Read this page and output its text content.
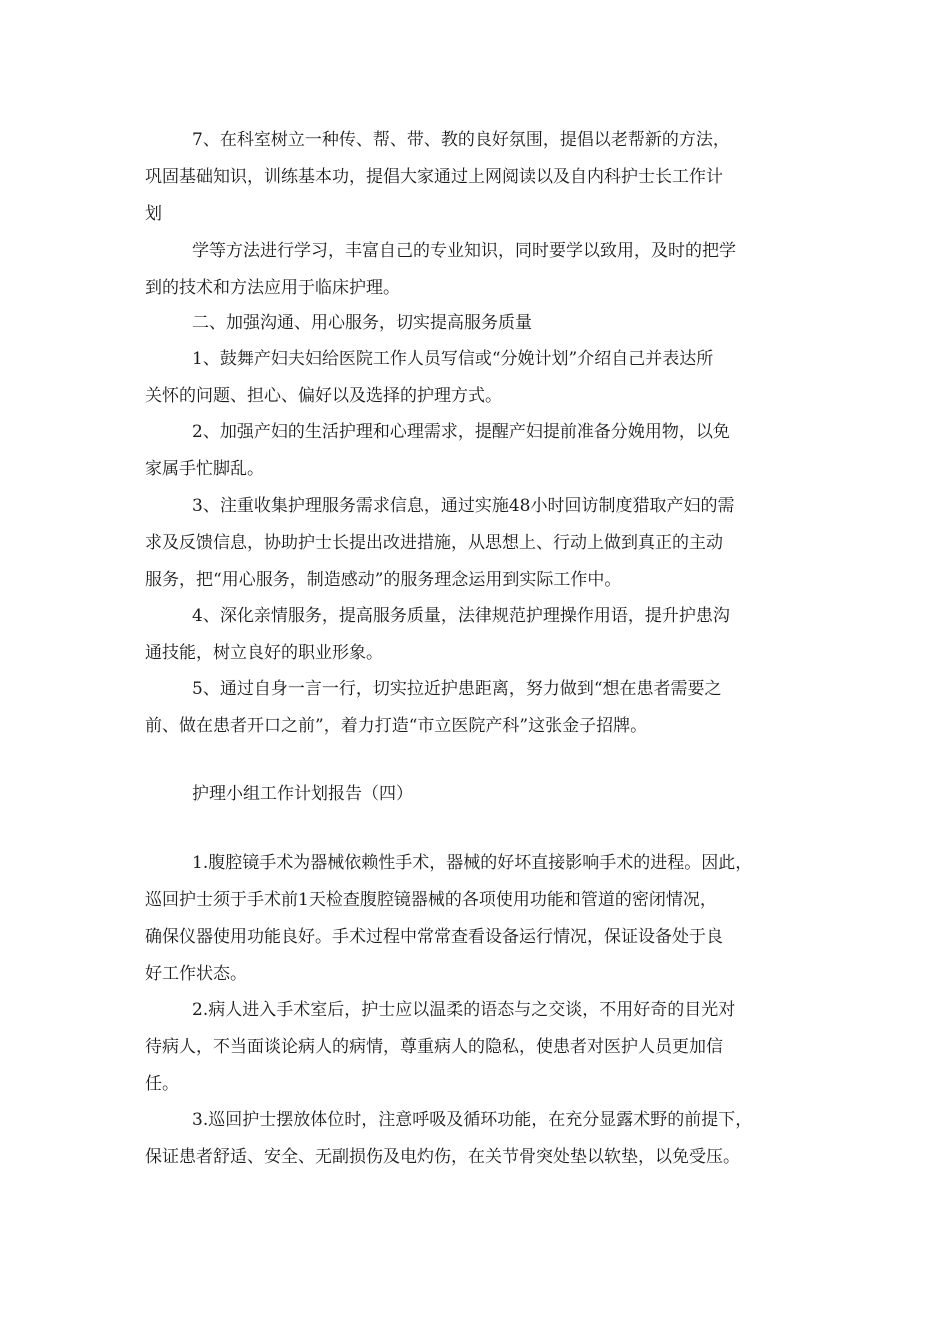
7、在科室树立一种传、帮、带、教的良好氛围，提倡以老帮新的方法，
巩固基础知识，训练基本功，提倡大家通过上网阅读以及自内科护士长工作计
划
学等方法进行学习，丰富自己的专业知识，同时要学以致用，及时的把学
到的技术和方法应用于临床护理。
二、加强沟通、用心服务，切实提高服务质量
1、鼓舞产妇夫妇给医院工作人员写信或“分娩计划”介绍自己并表达所
关怀的问题、担心、偏好以及选择的护理方式。
2、加强产妇的生活护理和心理需求，提醒产妇提前准备分娩用物，以免
家属手忙脚乱。
3、注重收集护理服务需求信息，通过实施48小时回访制度猎取产妇的需
求及反馈信息，协助护士长提出改进措施，从思想上、行动上做到真正的主动
服务，把“用心服务，制造感动”的服务理念运用到实际工作中。
4、深化亲情服务，提高服务质量，法律规范护理操作用语，提升护患沟
通技能，树立良好的职业形象。
5、通过自身一言一行，切实拉近护患距离，努力做到“想在患者需要之
前、做在患者开口之前”，着力打造“市立医院产科”这张金子招牌。
护理小组工作计划报告（四）
1.腹腔镜手术为器械依赖性手术，器械的好坏直接影响手术的进程。因此，
巡回护士须于手术前1天检查腹腔镜器械的各项使用功能和管道的密闭情况，
确保仪器使用功能良好。手术过程中常常查看设备运行情况，保证设备处于良
好工作状态。
2.病人进入手术室后，护士应以温柔的语态与之交谈，不用好奇的目光对
待病人，不当面谈论病人的病情，尊重病人的隐私，使患者对医护人员更加信
任。
3.巡回护士摆放体位时，注意呼吸及循环功能，在充分显露术野的前提下，
保证患者舒适、安全、无副损伤及电灼伤，在关节骨突处垫以软垫，以免受压。
